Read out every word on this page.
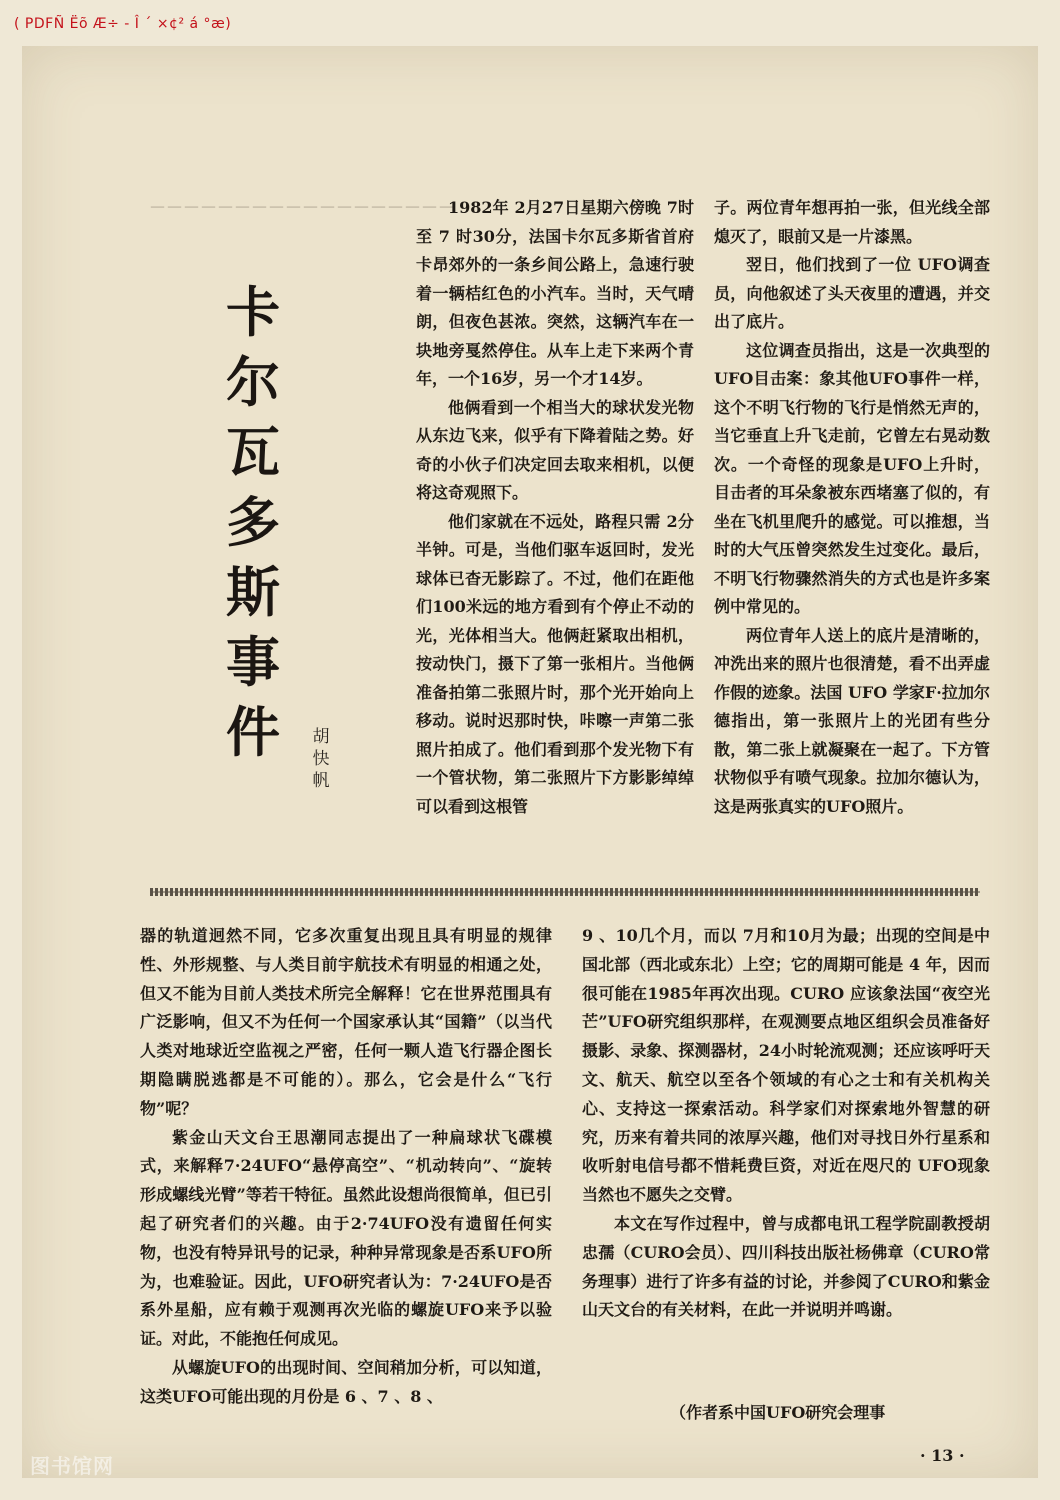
——————————————————

卡
尔
瓦
多
斯
事
件	胡
快
帆

1982年 2月27日星期六傍晚 7时至 7 时30分，法国卡尔瓦多斯省首府卡昂郊外的一条乡间公路上，急速行驶着一辆桔红色的小汽车。当时，天气晴朗，但夜色甚浓。突然，这辆汽车在一块地旁戛然停住。从车上走下来两个青年，一个16岁，另一个才14岁。

他俩看到一个相当大的球状发光物从东边飞来，似乎有下降着陆之势。好奇的小伙子们决定回去取来相机，以便将这奇观照下。

他们家就在不远处，路程只需 2分半钟。可是，当他们驱车返回时，发光球体已杳无影踪了。不过，他们在距他们100米远的地方看到有个停止不动的光，光体相当大。他俩赶紧取出相机，按动快门，摄下了第一张相片。当他俩准备拍第二张照片时，那个光开始向上移动。说时迟那时快，咔嚓一声第二张照片拍成了。他们看到那个发光物下有一个管状物，第二张照片下方影影绰绰可以看到这根管

子。两位青年想再拍一张，但光线全部熄灭了，眼前又是一片漆黑。

翌日，他们找到了一位 UFO调查员，向他叙述了头天夜里的遭遇，并交出了底片。

这位调查员指出，这是一次典型的UFO目击案：象其他UFO事件一样，这个不明飞行物的飞行是悄然无声的，当它垂直上升飞走前，它曾左右晃动数次。一个奇怪的现象是UFO上升时，目击者的耳朵象被东西堵塞了似的，有坐在飞机里爬升的感觉。可以推想，当时的大气压曾突然发生过变化。最后，不明飞行物骤然消失的方式也是许多案例中常见的。

两位青年人送上的底片是清晰的，冲洗出来的照片也很清楚，看不出弄虚作假的迹象。法国 UFO 学家F·拉加尔德指出，第一张照片上的光团有些分散，第二张上就凝聚在一起了。下方管状物似乎有喷气现象。拉加尔德认为，这是两张真实的UFO照片。

器的轨道迥然不同，它多次重复出现且具有明显的规律性、外形规整、与人类目前宇航技术有明显的相通之处，但又不能为目前人类技术所完全解释！它在世界范围具有广泛影响，但又不为任何一个国家承认其“国籍”（以当代人类对地球近空监视之严密，任何一颗人造飞行器企图长期隐瞒脱逃都是不可能的）。那么，它会是什么“飞行物”呢？

紫金山天文台王思潮同志提出了一种扁球状飞碟模式，来解释7·24UFO“悬停高空”、“机动转向”、“旋转形成螺线光臂”等若干特征。虽然此设想尚很简单，但已引起了研究者们的兴趣。由于2·74UFO没有遗留任何实物，也没有特异讯号的记录，种种异常现象是否系UFO所为，也难验证。因此，UFO研究者认为：7·24UFO是否系外星船，应有赖于观测再次光临的螺旋UFO来予以验证。对此，不能抱任何成见。

从螺旋UFO的出现时间、空间稍加分析，可以知道，这类UFO可能出现的月份是 6 、7 、8 、

9 、10几个月，而以 7月和10月为最；出现的空间是中国北部（西北或东北）上空；它的周期可能是 4 年，因而很可能在1985年再次出现。CURO 应该象法国“夜空光芒”UFO研究组织那样，在观测要点地区组织会员准备好摄影、录象、探测器材，24小时轮流观测；还应该呼吁天文、航天、航空以至各个领域的有心之士和有关机构关心、支持这一探索活动。科学家们对探索地外智慧的研究，历来有着共同的浓厚兴趣，他们对寻找日外行星系和收听射电信号都不惜耗费巨资，对近在咫尺的 UFO现象当然也不愿失之交臂。

本文在写作过程中，曾与成都电讯工程学院副教授胡忠孺（CURO会员）、四川科技出版社杨佛章（CURO常务理事）进行了许多有益的讨论，并参阅了CURO和紫金山天文台的有关材料，在此一并说明并鸣谢。

（作者系中国UFO研究会理事
· 13 ·
( PDFÑ Ëõ Æ÷ - Î ´ ×¢² á °æ)
图书馆网
